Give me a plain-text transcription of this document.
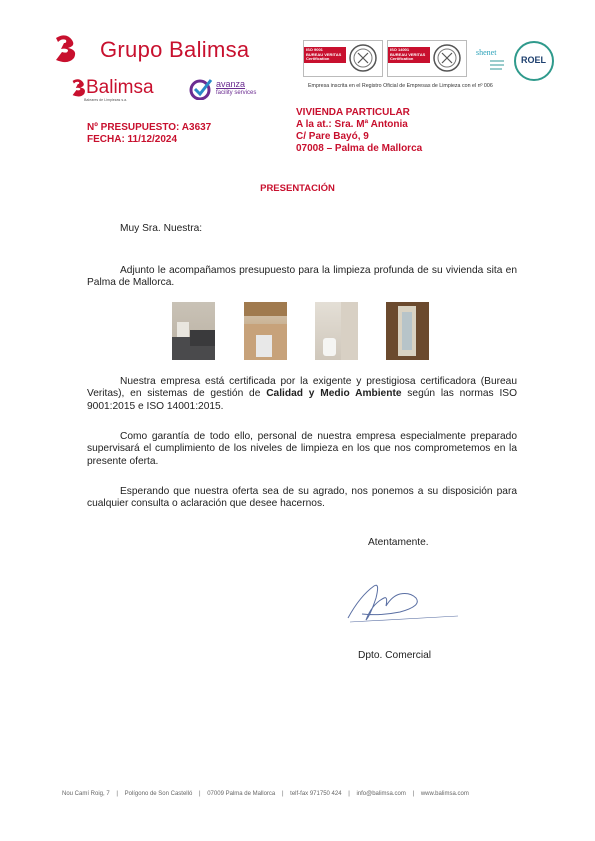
Grupo Balimsa
Balimsa
Baleares de Limpiezas s.a.
avanza
facility services
ISO 9001
BUREAU VERITAS
Certification
ISO 14001
BUREAU VERITAS
Certification
shenet
ROEL
Empresa inscrita en el Registro Oficial de Empresas de Limpieza con el nº 006
Nº PRESUPUESTO: A3637
FECHA: 11/12/2024
VIVIENDA PARTICULAR
A la at.: Sra. Mª Antonia
C/ Pare Bayó, 9
07008 – Palma de Mallorca
PRESENTACIÓN
Muy Sra. Nuestra:
Adjunto le acompañamos presupuesto para la limpieza profunda de su vivienda sita en Palma de Mallorca.
Nuestra empresa está certificada por la exigente y prestigiosa certificadora (Bureau Veritas), en sistemas de gestión de Calidad y Medio Ambiente según las normas ISO 9001:2015 e ISO 14001:2015.
Como garantía de todo ello, personal de nuestra empresa especialmente preparado supervisará el cumplimiento de los niveles de limpieza en los que nos comprometemos en la presente oferta.
Esperando que nuestra oferta sea de su agrado, nos ponemos a su disposición para cualquier consulta o aclaración que desee hacernos.
Atentamente.
Dpto. Comercial
Nou Camí Roig, 7 | Polígono de Son Castelló | 07009 Palma de Mallorca | telf-fax 971750 424 | info@balimsa.com | www.balimsa.com
